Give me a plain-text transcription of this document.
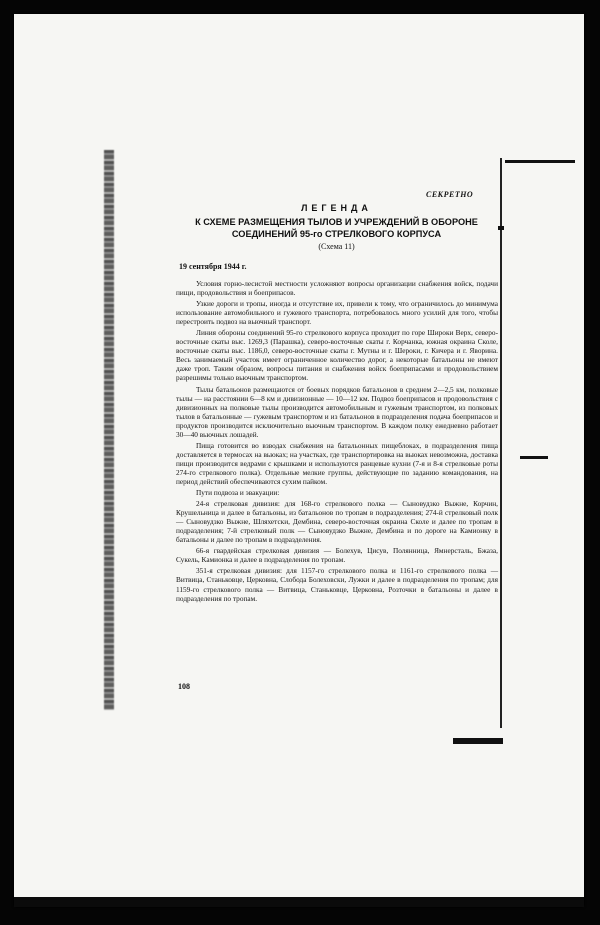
СЕКРЕТНО
ЛЕГЕНДА
К СХЕМЕ РАЗМЕЩЕНИЯ ТЫЛОВ И УЧРЕЖДЕНИЙ В ОБОРОНЕ
СОЕДИНЕНИЙ 95-го СТРЕЛКОВОГО КОРПУСА
(Схема 11)
19 сентября 1944 г.

Условия горно-лесистой местности усложняют вопросы организации снабжения войск, подачи пищи, продовольствия и боеприпасов.

Узкие дороги и тропы, иногда и отсутствие их, привели к тому, что ограничилось до минимума использование автомобильного и гужевого транспорта, потребовалось много усилий для того, чтобы перестроить подвоз на вьючный транспорт.

Линия обороны соединений 95-го стрелкового корпуса проходит по горе Широки Верх, северо-восточные скаты выс. 1269,3 (Парашка), северо-восточные скаты г. Корчанка, южная окраина Сколе, восточные скаты выс. 1186,0, северо-восточные скаты г. Мутны и г. Шероки, г. Кичера и г. Яворина. Весь занимаемый участок имеет ограниченное количество дорог, а некоторые батальоны не имеют даже троп. Таким образом, вопросы питания и снабжения войск боеприпасами и продовольствием разрешимы только вьючным транспортом.

Тылы батальонов размещаются от боевых порядков батальонов в среднем 2—2,5 км, полковые тылы — на расстоянии 6—8 км и дивизионные — 10—12 км. Подвоз боеприпасов и продовольствия с дивизионных на полковые тылы производится автомобильным и гужевым транспортом, из полковых тылов в батальонные — гужевым транспортом и из батальонов в подразделения подача боеприпасов и продуктов производится исключительно вьючным транспортом. В каждом полку ежедневно работает 30—40 вьючных лошадей.

Пища готовится во взводах снабжения на батальонных пищеблоках, в подразделения пища доставляется в термосах на вьюках; на участках, где транспортировка на вьюках невозможна, доставка пищи производится ведрами с крышками и используются ранцевые кухни (7-я и 8-я стрелковые роты 274-го стрелкового полка). Отдельные мелкие группы, действующие по заданию командования, на период действий обеспечиваются сухим пайком.

Пути подвоза и эвакуации:

24-я стрелковая дивизия: для 168-го стрелкового полка — Сыновудзко Выжне, Корчин, Крушельница и далее в батальоны, из батальонов по тропам в подразделения; 274-й стрелковый полк — Сыновудзко Выжне, Шляхетски, Дембина, северо-восточная окраина Сколе и далее по тропам в подразделения; 7-й стрелковый полк — Сыновудзко Выжне, Дембина и по дороге на Камионку в батальоны и далее по тропам в подразделения.

66-я гвардейская стрелковая дивизия — Болехув, Цисув, Полянница, Ямнерсталь, Бжаза, Сукель, Камионка и далее в подразделения по тропам.

351-я стрелковая дивизия: для 1157-го стрелкового полка и 1161-го стрелкового полка — Витвица, Станьковце, Церковна, Слобода Болеховски, Лужки и далее в подразделения по тропам; для 1159-го стрелкового полка — Витвица, Станьковце, Церковна, Розточки в батальоны и далее в подразделения по тропам.

108
